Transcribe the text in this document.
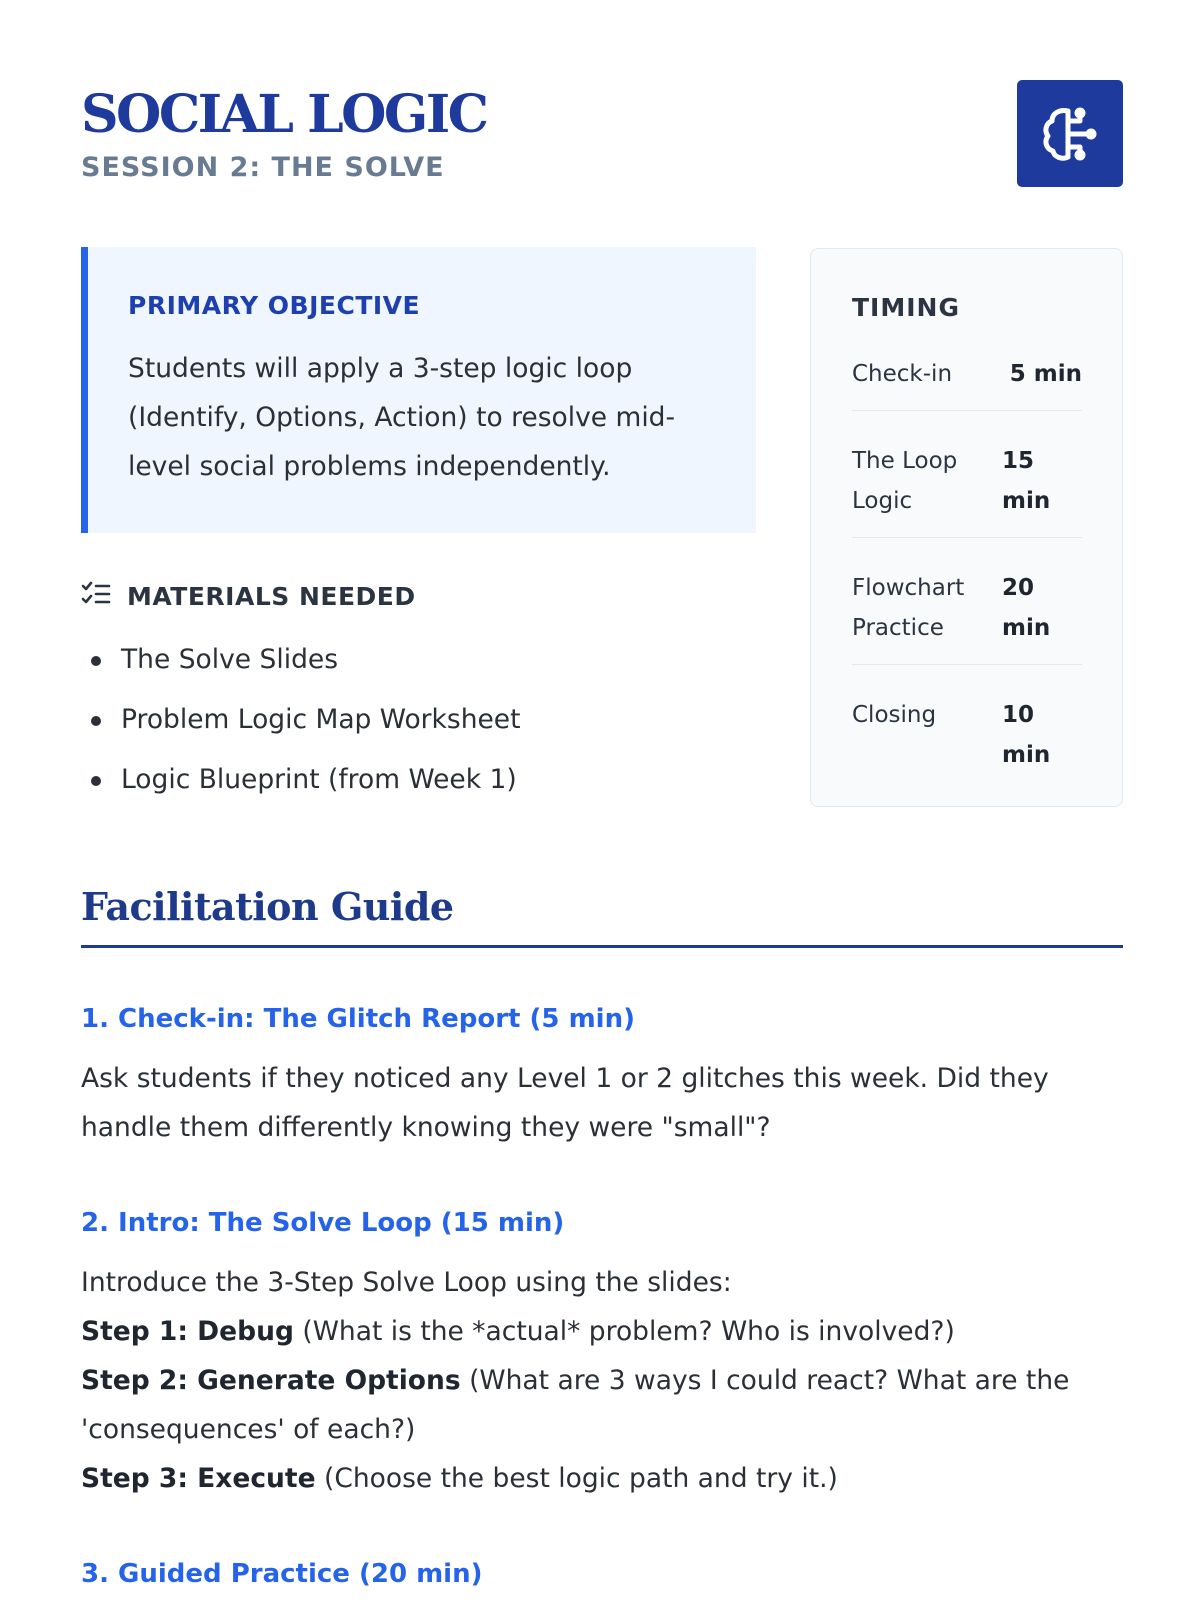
SOCIAL LOGIC
SESSION 2: THE SOLVE
PRIMARY OBJECTIVE
Students will apply a 3-step logic loop (Identify, Options, Action) to resolve mid-level social problems independently.
MATERIALS NEEDED
The Solve Slides
Problem Logic Map Worksheet
Logic Blueprint (from Week 1)
TIMING
Check-in	5 min
The Loop Logic
15 min
Flowchart Practice
20 min
Closing	10 min
Facilitation Guide
1. Check-in: The Glitch Report (5 min)
Ask students if they noticed any Level 1 or 2 glitches this week. Did they handle them differently knowing they were "small"?
2. Intro: The Solve Loop (15 min)
Introduce the 3-Step Solve Loop using the slides:
Step 1: Debug (What is the *actual* problem? Who is involved?)
Step 2: Generate Options (What are 3 ways I could react? What are the 'consequences' of each?)
Step 3: Execute (Choose the best logic path and try it.)
3. Guided Practice (20 min)
